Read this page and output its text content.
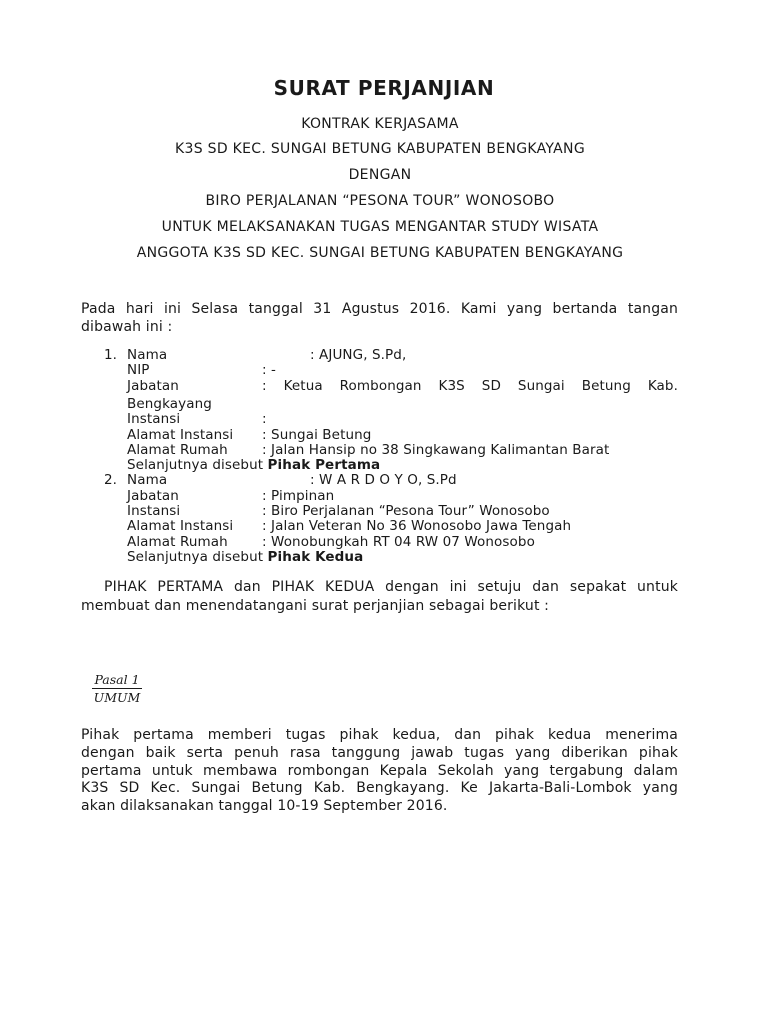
SURAT PERJANJIAN
KONTRAK KERJASAMA
K3S SD KEC. SUNGAI BETUNG KABUPATEN BENGKAYANG
DENGAN
BIRO PERJALANAN “PESONA TOUR” WONOSOBO
UNTUK MELAKSANAKAN TUGAS MENGANTAR STUDY WISATA
ANGGOTA K3S SD KEC. SUNGAI BETUNG KABUPATEN BENGKAYANG
Pada hari ini Selasa tanggal 31 Agustus 2016. Kami yang bertanda tangan
dibawah ini :
1. Nama	: AJUNG, S.Pd,
NIP	: -
Jabatan	: Ketua Rombongan K3S SD Sungai Betung Kab.
Bengkayang
Instansi	:
Alamat Instansi : Sungai Betung
Alamat Rumah	: Jalan Hansip no 38 Singkawang Kalimantan Barat
Selanjutnya disebut Pihak Pertama
2. Nama	: W A R D O Y O, S.Pd
Jabatan	: Pimpinan
Instansi	: Biro Perjalanan “Pesona Tour” Wonosobo
Alamat Instansi : Jalan Veteran No 36 Wonosobo Jawa Tengah
Alamat Rumah	: Wonobungkah RT 04 RW 07 Wonosobo
Selanjutnya disebut Pihak Kedua
PIHAK PERTAMA dan PIHAK KEDUA dengan ini setuju dan sepakat untuk
membuat dan menendatangani surat perjanjian sebagai berikut :
Pasal 1
UMUM
Pihak pertama memberi tugas pihak kedua, dan pihak kedua menerima
dengan baik serta penuh rasa tanggung jawab tugas yang diberikan pihak
pertama untuk membawa rombongan Kepala Sekolah yang tergabung dalam
K3S SD Kec. Sungai Betung Kab. Bengkayang. Ke Jakarta-Bali-Lombok yang
akan dilaksanakan tanggal 10-19 September 2016.
